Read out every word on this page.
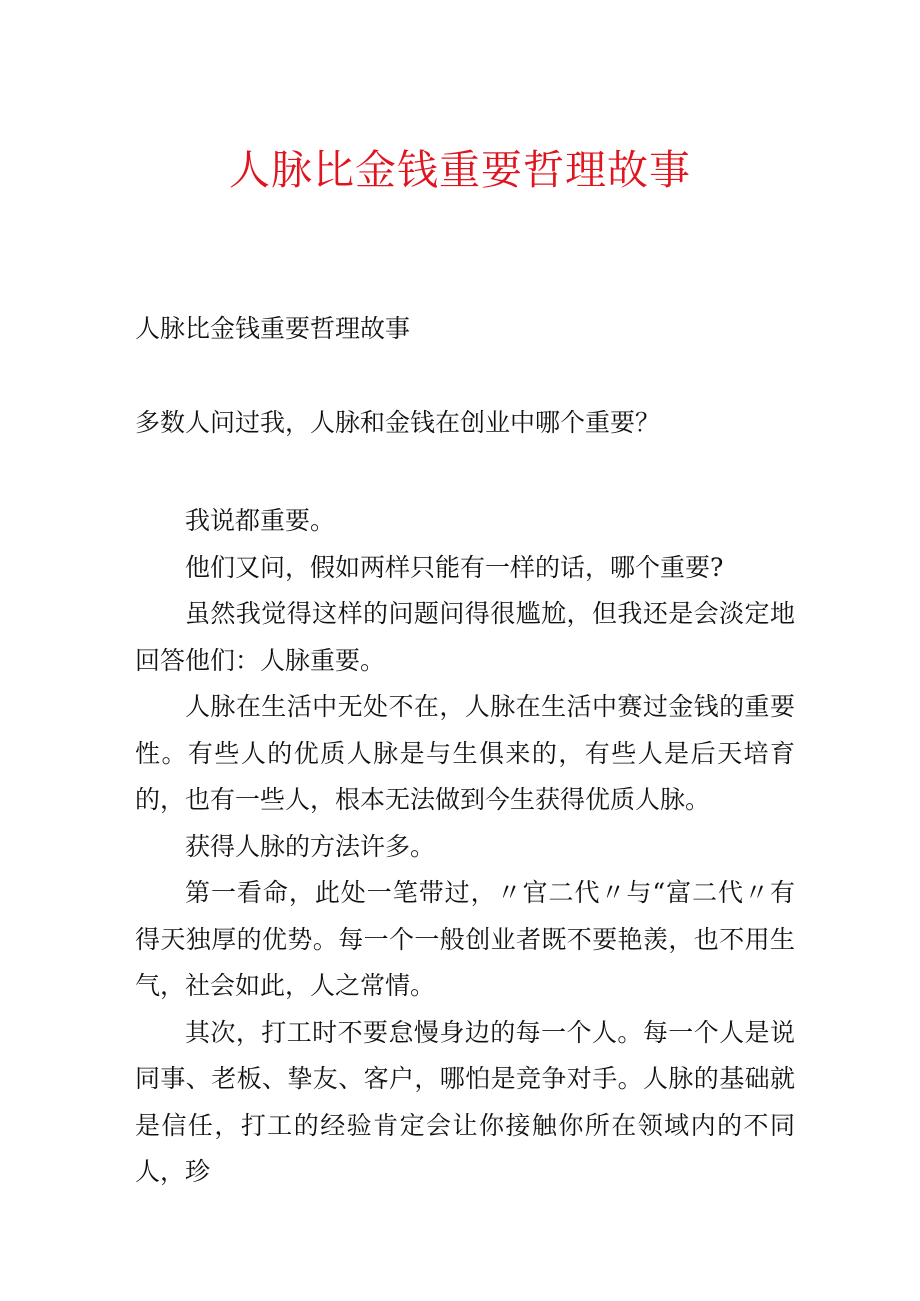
人脉比金钱重要哲理故事

人脉比金钱重要哲理故事

多数人问过我，人脉和金钱在创业中哪个重要？

我说都重要。

他们又问，假如两样只能有一样的话，哪个重要?

虽然我觉得这样的问题问得很尴尬，但我还是会淡定地回答他们：人脉重要。

人脉在生活中无处不在，人脉在生活中赛过金钱的重要性。有些人的优质人脉是与生俱来的，有些人是后天培育的，也有一些人，根本无法做到今生获得优质人脉。

获得人脉的方法许多。

第一看命，此处一笔带过，〃官二代〃与“富二代〃有得天独厚的优势。每一个一般创业者既不要艳羡，也不用生气，社会如此，人之常情。

其次，打工时不要怠慢身边的每一个人。每一个人是说同事、老板、挚友、客户，哪怕是竞争对手。人脉的基础就是信任，打工的经验肯定会让你接触你所在领域内的不同人，珍
